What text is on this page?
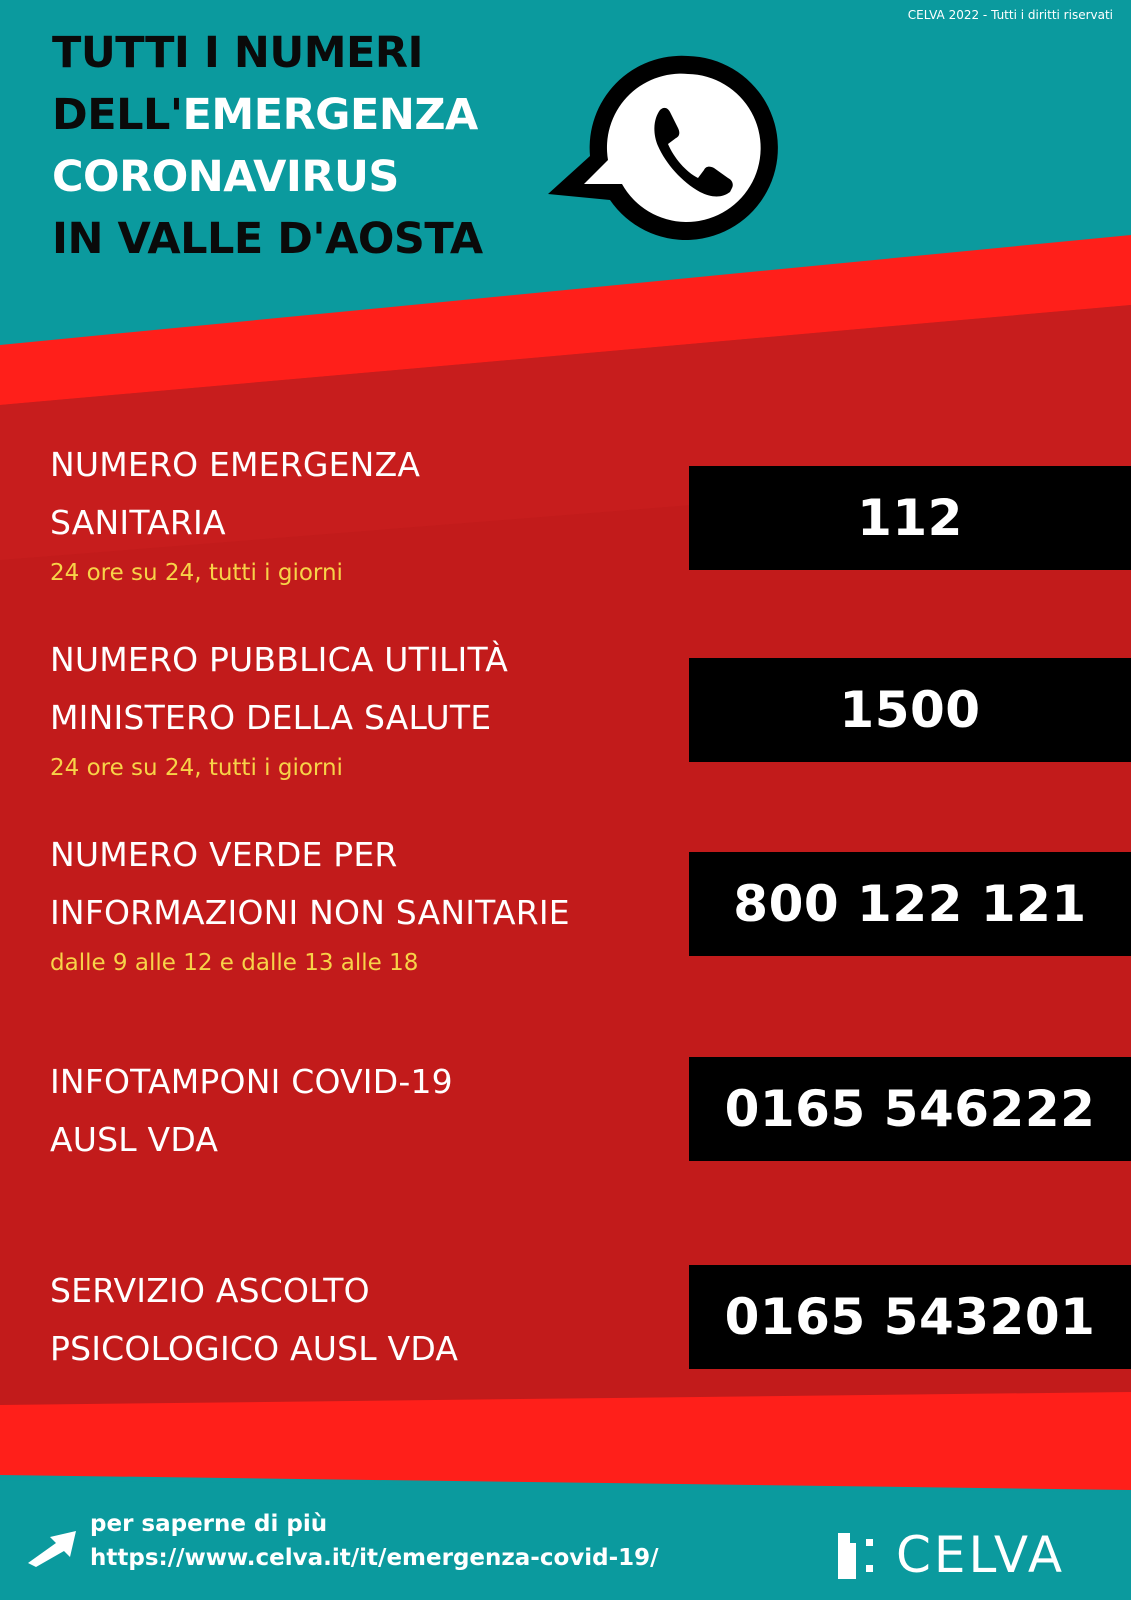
CELVA 2022 - Tutti i diritti riservati
TUTTI I NUMERI
DELL'EMERGENZA
CORONAVIRUS
IN VALLE D'AOSTA
NUMERO EMERGENZA
SANITARIA
24 ore su 24, tutti i giorni
112
NUMERO PUBBLICA UTILITÀ
MINISTERO DELLA SALUTE
24 ore su 24, tutti i giorni
1500
NUMERO VERDE PER
INFORMAZIONI NON SANITARIE
dalle 9 alle 12 e dalle 13 alle 18
800 122 121
INFOTAMPONI COVID-19
AUSL VDA
0165 546222
SERVIZIO ASCOLTO
PSICOLOGICO AUSL VDA
0165 543201
per saperne di più
https://www.celva.it/it/emergenza-covid-19/	CELVA
